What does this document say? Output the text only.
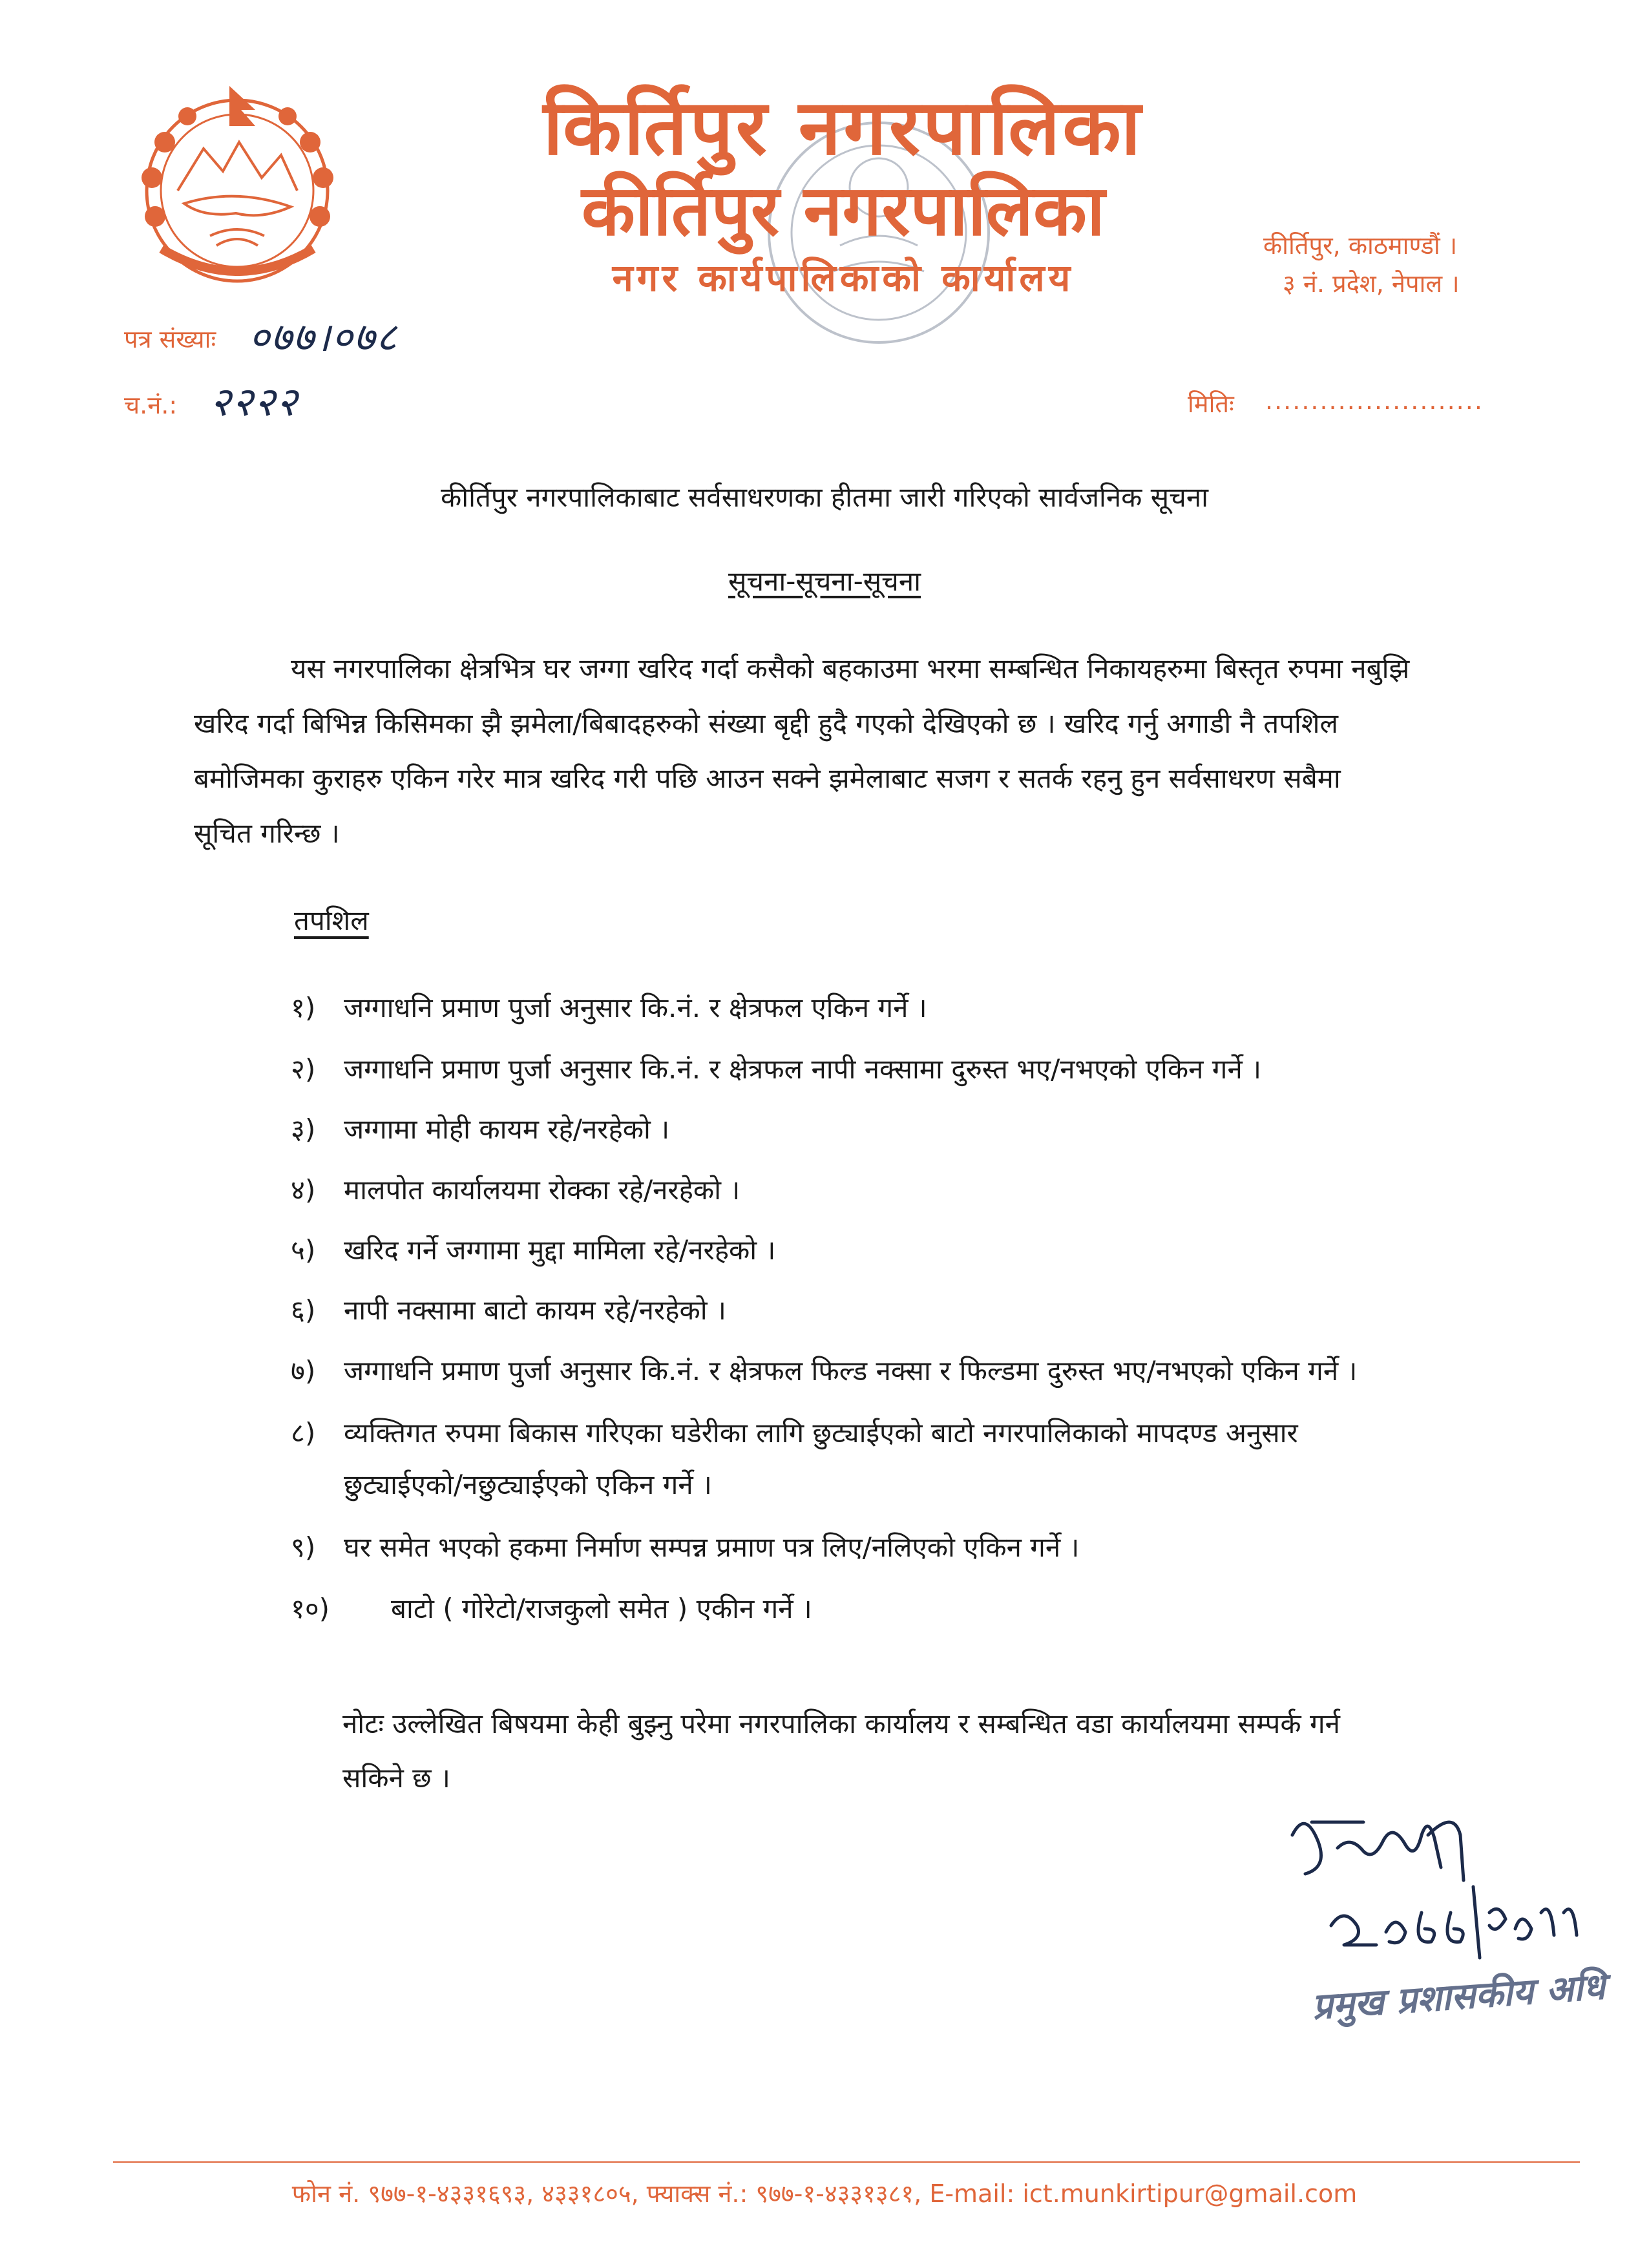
किर्तिपुर नगरपालिका
कीर्तिपुर नगरपालिका
नगर कार्यपालिकाको कार्यालय
कीर्तिपुर, काठमाण्डौं ।
३ नं. प्रदेश, नेपाल ।
पत्र संख्याः ०७७।०७८
च.नं.: २२२२	मितिः ........................
कीर्तिपुर नगरपालिकाबाट सर्वसाधरणका हीतमा जारी गरिएको सार्वजनिक सूचना
सूचना-सूचना-सूचना
यस नगरपालिका क्षेत्रभित्र घर जग्गा खरिद गर्दा कसैको बहकाउमा भरमा सम्बन्धित निकायहरुमा बिस्तृत रुपमा नबुझि
खरिद गर्दा बिभिन्न किसिमका झै झमेला/बिबादहरुको संख्या बृद्दी हुदै गएको देखिएको छ । खरिद गर्नु अगाडी नै तपशिल
बमोजिमका कुराहरु एकिन गरेर मात्र खरिद गरी पछि आउन सक्ने झमेलाबाट सजग र सतर्क रहनु हुन सर्वसाधरण सबैमा
सूचित गरिन्छ ।
तपशिल
१) जग्गाधनि प्रमाण पुर्जा अनुसार कि.नं. र क्षेत्रफल एकिन गर्ने ।
२) जग्गाधनि प्रमाण पुर्जा अनुसार कि.नं. र क्षेत्रफल नापी नक्सामा दुरुस्त भए/नभएको एकिन गर्ने ।
३) जग्गामा मोही कायम रहे/नरहेको ।
४) मालपोत कार्यालयमा रोक्का रहे/नरहेको ।
५) खरिद गर्ने जग्गामा मुद्दा मामिला रहे/नरहेको ।
६) नापी नक्सामा बाटो कायम रहे/नरहेको ।
७) जग्गाधनि प्रमाण पुर्जा अनुसार कि.नं. र क्षेत्रफल फिल्ड नक्सा र फिल्डमा दुरुस्त भए/नभएको एकिन गर्ने ।
८) व्यक्तिगत रुपमा बिकास गरिएका घडेरीका लागि छुट्याईएको बाटो नगरपालिकाको मापदण्ड अनुसार
छुट्याईएको/नछुट्याईएको एकिन गर्ने ।
९) घर समेत भएको हकमा निर्माण सम्पन्न प्रमाण पत्र लिए/नलिएको एकिन गर्ने ।
१०) बाटो ( गोरेटो/राजकुलो समेत ) एकीन गर्ने ।
नोटः उल्लेखित बिषयमा केही बुझ्नु परेमा नगरपालिका कार्यालय र सम्बन्धित वडा कार्यालयमा सम्पर्क गर्न
सकिने छ ।
प्रमुख प्रशासकीय अधि
फोन नं. ९७७-१-४३३१६९३, ४३३१८०५, फ्याक्स नं.: ९७७-१-४३३१३८१, E-mail: ict.munkirtipur@gmail.com
